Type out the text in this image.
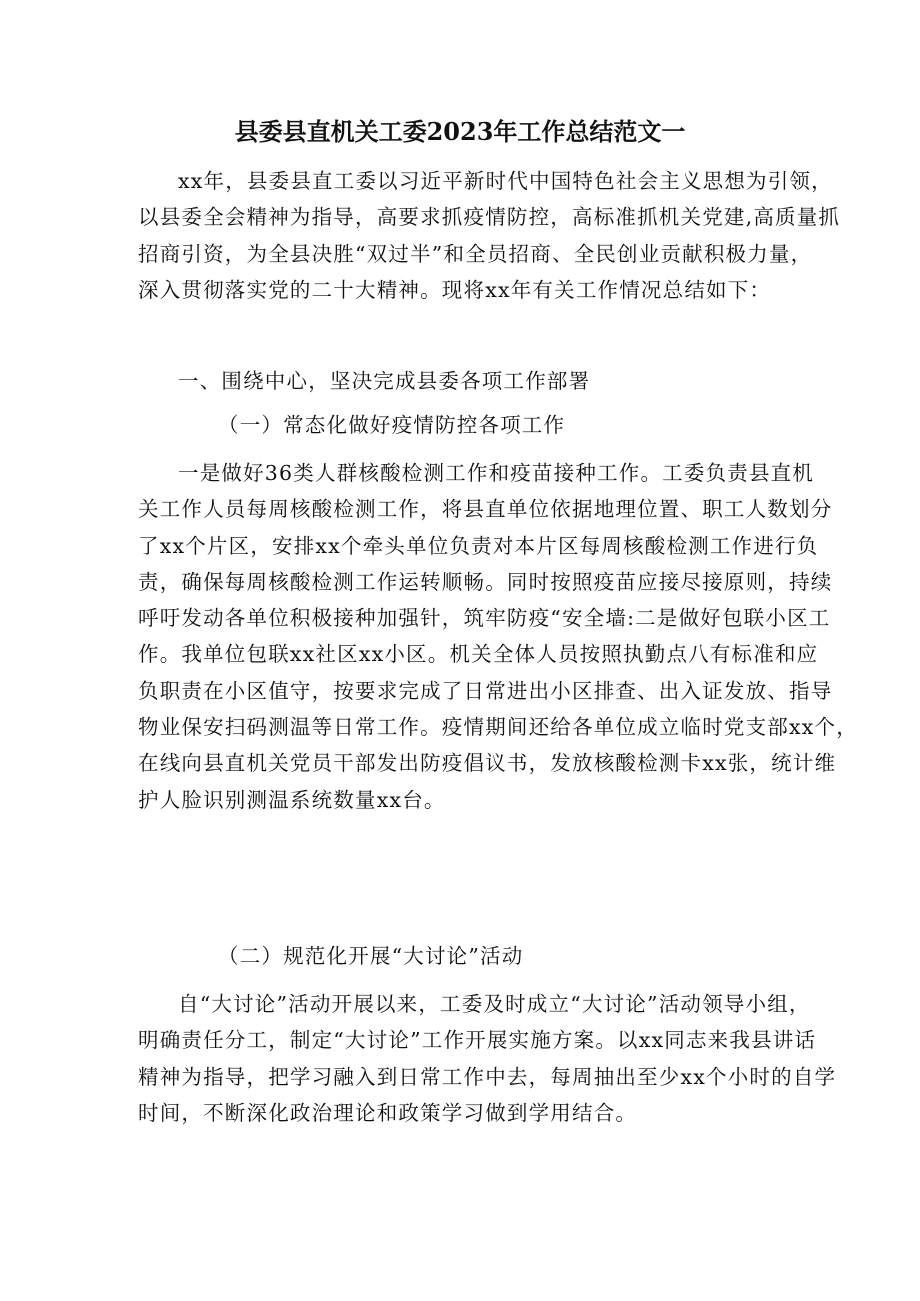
县委县直机关工委2023年工作总结范文一
xx年，县委县直工委以习近平新时代中国特色社会主义思想为引领，
以县委全会精神为指导，高要求抓疫情防控，高标准抓机关党建,高质量抓
招商引资，为全县决胜“双过半”和全员招商、全民创业贡献积极力量，
深入贯彻落实党的二十大精神。现将xx年有关工作情况总结如下：
一、围绕中心，坚决完成县委各项工作部署
（一）常态化做好疫情防控各项工作
一是做好36类人群核酸检测工作和疫苗接种工作。工委负责县直机
关工作人员每周核酸检测工作，将县直单位依据地理位置、职工人数划分
了xx个片区，安排xx个牵头单位负责对本片区每周核酸检测工作进行负
责，确保每周核酸检测工作运转顺畅。同时按照疫苗应接尽接原则，持续
呼吁发动各单位积极接种加强针，筑牢防疫“安全墙:二是做好包联小区工
作。我单位包联xx社区xx小区。机关全体人员按照执勤点八有标准和应
负职责在小区值守，按要求完成了日常进出小区排查、出入证发放、指导
物业保安扫码测温等日常工作。疫情期间还给各单位成立临时党支部xx个，
在线向县直机关党员干部发出防疫倡议书，发放核酸检测卡xx张，统计维
护人脸识别测温系统数量xx台。
（二）规范化开展“大讨论”活动
自“大讨论”活动开展以来，工委及时成立“大讨论”活动领导小组，
明确责任分工，制定“大讨论”工作开展实施方案。以xx同志来我县讲话
精神为指导，把学习融入到日常工作中去，每周抽出至少xx个小时的自学
时间，不断深化政治理论和政策学习做到学用结合。
